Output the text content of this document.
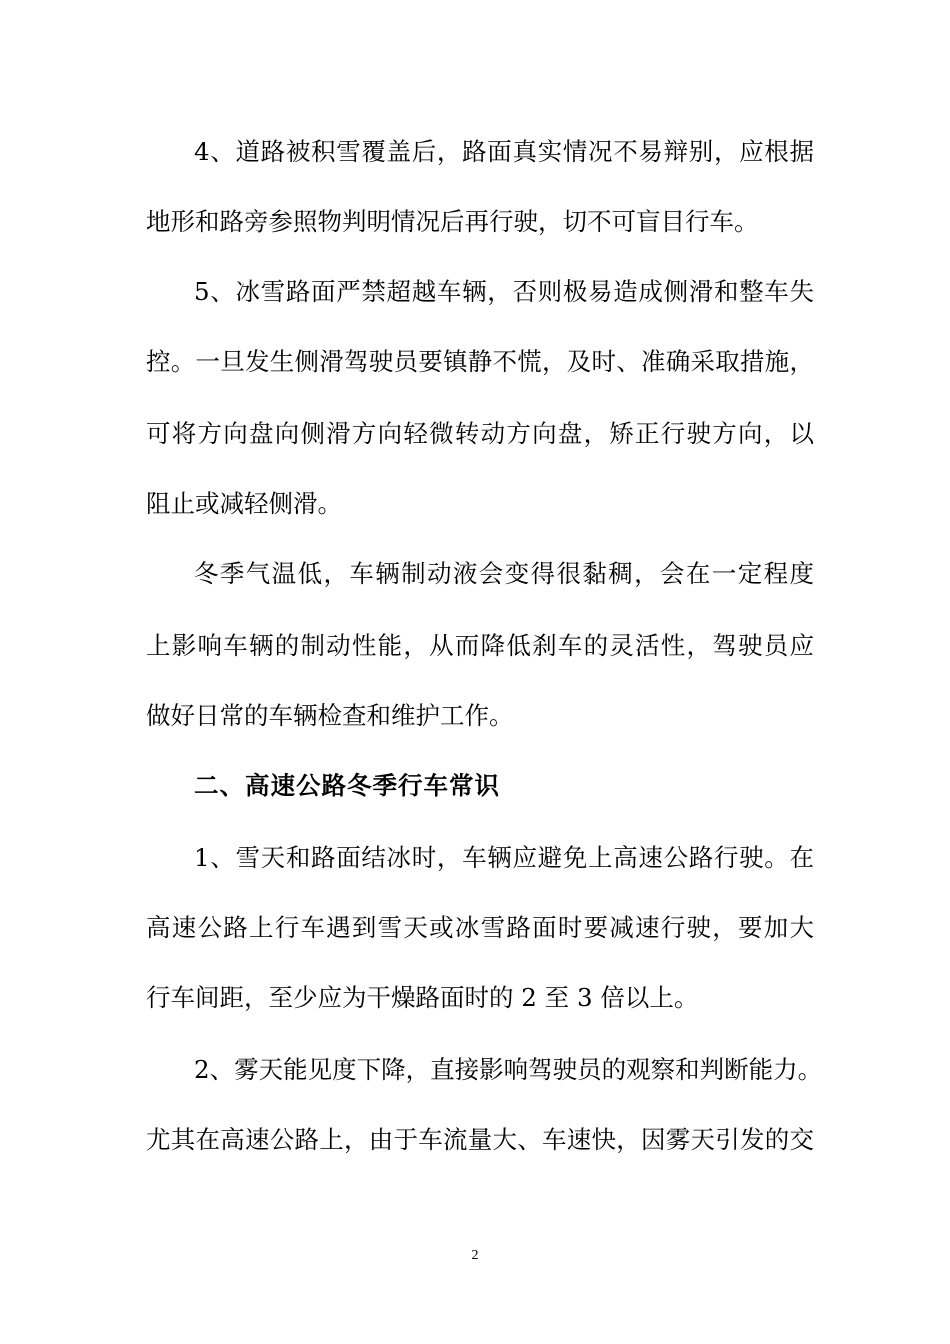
4、道路被积雪覆盖后，路面真实情况不易辩别，应根据
地形和路旁参照物判明情况后再行驶，切不可盲目行车。
5、冰雪路面严禁超越车辆，否则极易造成侧滑和整车失
控。一旦发生侧滑驾驶员要镇静不慌，及时、准确采取措施，
可将方向盘向侧滑方向轻微转动方向盘，矫正行驶方向，以
阻止或减轻侧滑。
冬季气温低，车辆制动液会变得很黏稠，会在一定程度
上影响车辆的制动性能，从而降低刹车的灵活性，驾驶员应
做好日常的车辆检查和维护工作。
二、高速公路冬季行车常识
1、雪天和路面结冰时，车辆应避免上高速公路行驶。在
高速公路上行车遇到雪天或冰雪路面时要减速行驶，要加大
行车间距，至少应为干燥路面时的 2 至 3 倍以上。
2、雾天能见度下降，直接影响驾驶员的观察和判断能力。
尤其在高速公路上，由于车流量大、车速快，因雾天引发的交
2
